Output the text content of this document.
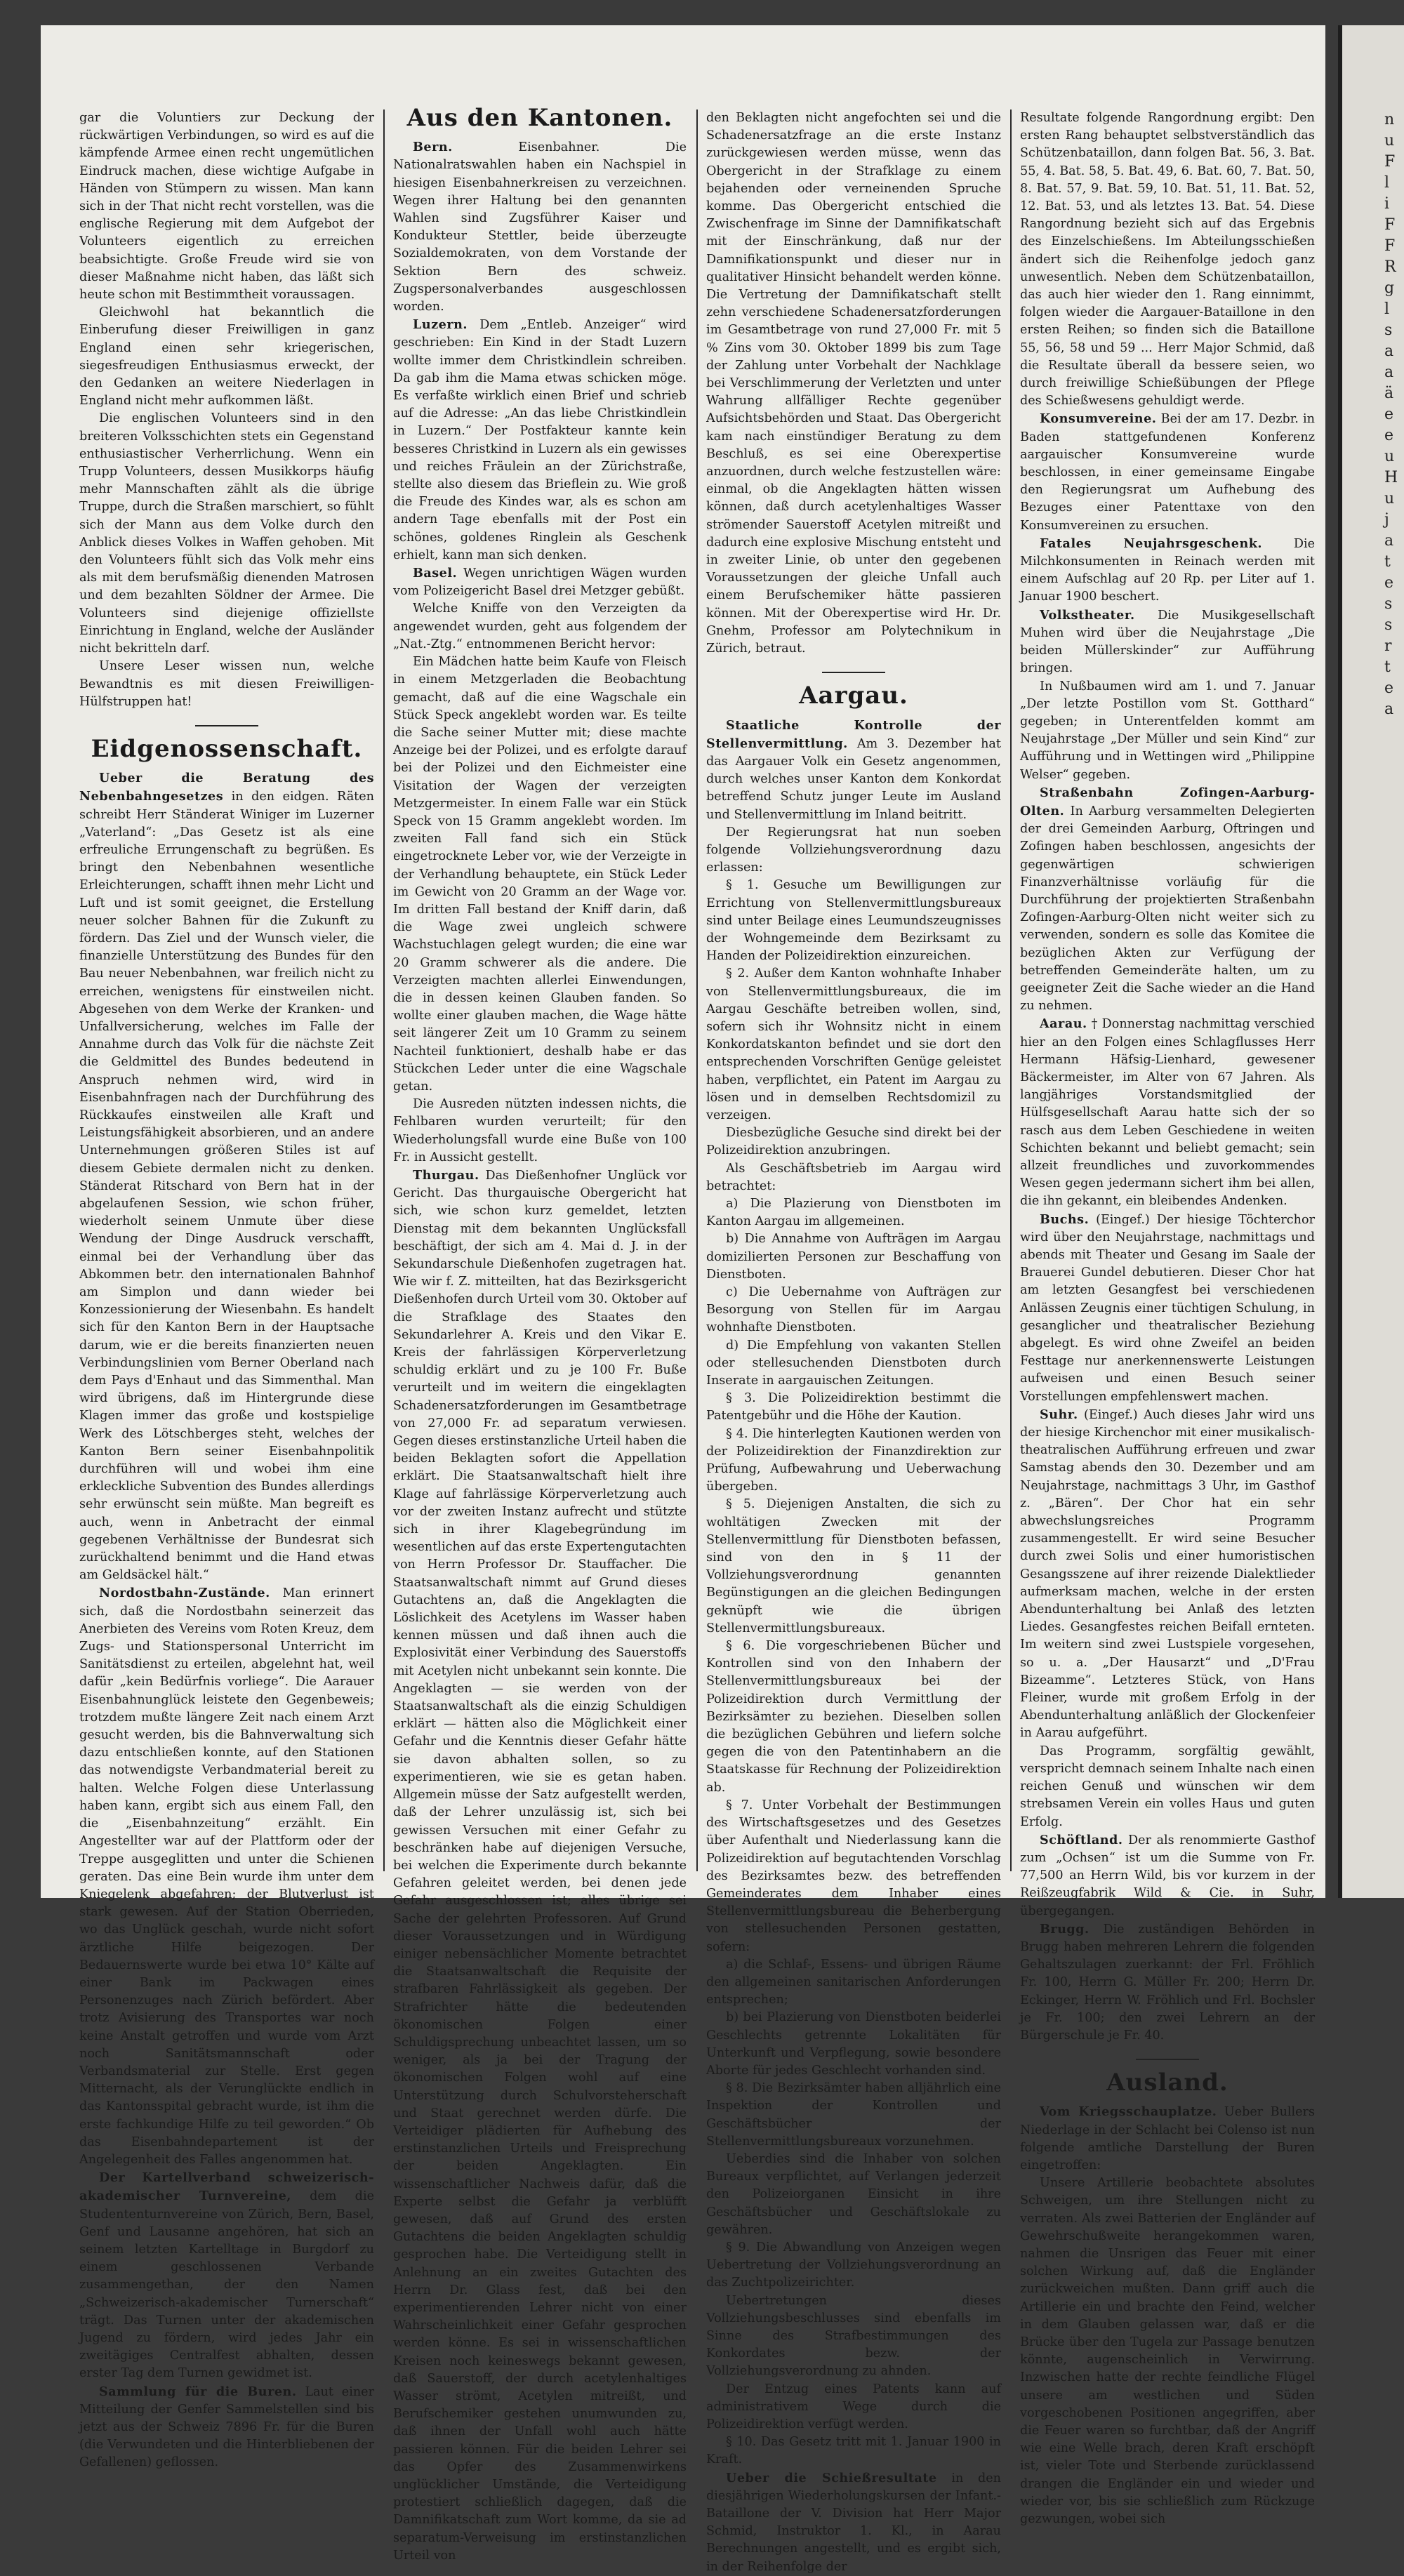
gar die Voluntiers zur Deckung der rückwärtigen Verbindungen, so wird es auf die kämpfende Armee einen recht ungemütlichen Eindruck machen, diese wichtige Aufgabe in Händen von Stümpern zu wissen. Man kann sich in der That nicht recht vorstellen, was die englische Regierung mit dem Aufgebot der Volunteers eigentlich zu erreichen beabsichtigte. Große Freude wird sie von dieser Maßnahme nicht haben, das läßt sich heute schon mit Bestimmtheit voraussagen.

Gleichwohl hat bekanntlich die Einberufung dieser Freiwilligen in ganz England einen sehr kriegerischen, siegesfreudigen Enthusiasmus erweckt, der den Gedanken an weitere Niederlagen in England nicht mehr aufkommen läßt.

Die englischen Volunteers sind in den breiteren Volksschichten stets ein Gegenstand enthusiastischer Verherrlichung. Wenn ein Trupp Volunteers, dessen Musikkorps häufig mehr Mannschaften zählt als die übrige Truppe, durch die Straßen marschiert, so fühlt sich der Mann aus dem Volke durch den Anblick dieses Volkes in Waffen gehoben. Mit den Volunteers fühlt sich das Volk mehr eins als mit dem berufsmäßig dienenden Matrosen und dem bezahlten Söldner der Armee. Die Volunteers sind diejenige offiziellste Einrichtung in England, welche der Ausländer nicht bekritteln darf.

Unsere Leser wissen nun, welche Bewandtnis es mit diesen Freiwilligen-Hülfstruppen hat!

Eidgenossenschaft.

Ueber die Beratung des Nebenbahngesetzes in den eidgen. Räten schreibt Herr Ständerat Winiger im Luzerner „Vaterland“: „Das Gesetz ist als eine erfreuliche Errungenschaft zu begrüßen. Es bringt den Nebenbahnen wesentliche Erleichterungen, schafft ihnen mehr Licht und Luft und ist somit geeignet, die Erstellung neuer solcher Bahnen für die Zukunft zu fördern. Das Ziel und der Wunsch vieler, die finanzielle Unterstützung des Bundes für den Bau neuer Nebenbahnen, war freilich nicht zu erreichen, wenigstens für einstweilen nicht. Abgesehen von dem Werke der Kranken- und Unfallversicherung, welches im Falle der Annahme durch das Volk für die nächste Zeit die Geldmittel des Bundes bedeutend in Anspruch nehmen wird, wird in Eisenbahnfragen nach der Durchführung des Rückkaufes einstweilen alle Kraft und Leistungsfähigkeit absorbieren, und an andere Unternehmungen größeren Stiles ist auf diesem Gebiete dermalen nicht zu denken. Ständerat Ritschard von Bern hat in der abgelaufenen Session, wie schon früher, wiederholt seinem Unmute über diese Wendung der Dinge Ausdruck verschafft, einmal bei der Verhandlung über das Abkommen betr. den internationalen Bahnhof am Simplon und dann wieder bei Konzessionierung der Wiesenbahn. Es handelt sich für den Kanton Bern in der Hauptsache darum, wie er die bereits finanzierten neuen Verbindungslinien vom Berner Oberland nach dem Pays d'Enhaut und das Simmenthal. Man wird übrigens, daß im Hintergrunde diese Klagen immer das große und kostspielige Werk des Lötschberges steht, welches der Kanton Bern seiner Eisenbahnpolitik durchführen will und wobei ihm eine erkleckliche Subvention des Bundes allerdings sehr erwünscht sein müßte. Man begreift es auch, wenn in Anbetracht der einmal gegebenen Verhältnisse der Bundesrat sich zurückhaltend benimmt und die Hand etwas am Geldsäckel hält.“

Nordostbahn-Zustände. Man erinnert sich, daß die Nordostbahn seinerzeit das Anerbieten des Vereins vom Roten Kreuz, dem Zugs- und Stationspersonal Unterricht im Sanitätsdienst zu erteilen, abgelehnt hat, weil dafür „kein Bedürfnis vorliege“. Die Aarauer Eisenbahnunglück leistete den Gegenbeweis; trotzdem mußte längere Zeit nach einem Arzt gesucht werden, bis die Bahnverwaltung sich dazu entschließen konnte, auf den Stationen das notwendigste Verbandmaterial bereit zu halten. Welche Folgen diese Unterlassung haben kann, ergibt sich aus einem Fall, den die „Eisenbahnzeitung“ erzählt. Ein Angestellter war auf der Plattform oder der Treppe ausgeglitten und unter die Schienen geraten. Das eine Bein wurde ihm unter dem Kniegelenk abgefahren; der Blutverlust ist stark gewesen. Auf der Station Oberrieden, wo das Unglück geschah, wurde nicht sofort ärztliche Hilfe beigezogen. Der Bedauernswerte wurde bei etwa 10° Kälte auf einer Bank im Packwagen eines Personenzuges nach Zürich befördert. Aber trotz Avisierung des Transportes war noch keine Anstalt getroffen und wurde vom Arzt noch Sanitätsmannschaft oder Verbandsmaterial zur Stelle. Erst gegen Mitternacht, als der Verunglückte endlich in das Kantonsspital gebracht wurde, ist ihm die erste fachkundige Hilfe zu teil geworden.“ Ob das Eisenbahndepartement ist der Angelegenheit des Falles angenommen hat.

Der Kartellverband schweizerisch-akademischer Turnvereine, dem die Studententurnvereine von Zürich, Bern, Basel, Genf und Lausanne angehören, hat sich an seinem letzten Kartelltage in Burgdorf zu einem geschlossenen Verbande zusammengethan, der den Namen „Schweizerisch-akademischer Turnerschaft“ trägt. Das Turnen unter der akademischen Jugend zu fördern, wird jedes Jahr ein zweitägiges Centralfest abhalten, dessen erster Tag dem Turnen gewidmet ist.

Sammlung für die Buren. Laut einer Mitteilung der Genfer Sammelstellen sind bis jetzt aus der Schweiz 7896 Fr. für die Buren (die Verwundeten und die Hinterbliebenen der Gefallenen) geflossen.

Aus den Kantonen.

Bern. Eisenbahner. Die Nationalratswahlen haben ein Nachspiel in hiesigen Eisenbahnerkreisen zu verzeichnen. Wegen ihrer Haltung bei den genannten Wahlen sind Zugsführer Kaiser und Kondukteur Stettler, beide überzeugte Sozialdemokraten, von dem Vorstande der Sektion Bern des schweiz. Zugspersonalverbandes ausgeschlossen worden.

Luzern. Dem „Entleb. Anzeiger“ wird geschrieben: Ein Kind in der Stadt Luzern wollte immer dem Christkindlein schreiben. Da gab ihm die Mama etwas schicken möge. Es verfaßte wirklich einen Brief und schrieb auf die Adresse: „An das liebe Christkindlein in Luzern.“ Der Postfakteur kannte kein besseres Christkind in Luzern als ein gewisses und reiches Fräulein an der Zürichstraße, stellte also diesem das Brieflein zu. Wie groß die Freude des Kindes war, als es schon am andern Tage ebenfalls mit der Post ein schönes, goldenes Ringlein als Geschenk erhielt, kann man sich denken.

Basel. Wegen unrichtigen Wägen wurden vom Polizeigericht Basel drei Metzger gebüßt.

Welche Kniffe von den Verzeigten da angewendet wurden, geht aus folgendem der „Nat.-Ztg.“ entnommenen Bericht hervor:

Ein Mädchen hatte beim Kaufe von Fleisch in einem Metzgerladen die Beobachtung gemacht, daß auf die eine Wagschale ein Stück Speck angeklebt worden war. Es teilte die Sache seiner Mutter mit; diese machte Anzeige bei der Polizei, und es erfolgte darauf bei der Polizei und den Eichmeister eine Visitation der Wagen der verzeigten Metzgermeister. In einem Falle war ein Stück Speck von 15 Gramm angeklebt worden. Im zweiten Fall fand sich ein Stück eingetrocknete Leber vor, wie der Verzeigte in der Verhandlung behauptete, ein Stück Leder im Gewicht von 20 Gramm an der Wage vor. Im dritten Fall bestand der Kniff darin, daß die Wage zwei ungleich schwere Wachstuchlagen gelegt wurden; die eine war 20 Gramm schwerer als die andere. Die Verzeigten machten allerlei Einwendungen, die in dessen keinen Glauben fanden. So wollte einer glauben machen, die Wage hätte seit längerer Zeit um 10 Gramm zu seinem Nachteil funktioniert, deshalb habe er das Stückchen Leder unter die eine Wagschale getan.

Die Ausreden nützten indessen nichts, die Fehlbaren wurden verurteilt; für den Wiederholungsfall wurde eine Buße von 100 Fr. in Aussicht gestellt.

Thurgau. Das Dießenhofner Unglück vor Gericht. Das thurgauische Obergericht hat sich, wie schon kurz gemeldet, letzten Dienstag mit dem bekannten Unglücksfall beschäftigt, der sich am 4. Mai d. J. in der Sekundarschule Dießenhofen zugetragen hat. Wie wir f. Z. mitteilten, hat das Bezirksgericht Dießenhofen durch Urteil vom 30. Oktober auf die Strafklage des Staates den Sekundarlehrer A. Kreis und den Vikar E. Kreis der fahrlässigen Körperverletzung schuldig erklärt und zu je 100 Fr. Buße verurteilt und im weitern die eingeklagten Schadenersatzforderungen im Gesamtbetrage von 27,000 Fr. ad separatum verwiesen. Gegen dieses erstinstanzliche Urteil haben die beiden Beklagten sofort die Appellation erklärt. Die Staatsanwaltschaft hielt ihre Klage auf fahrlässige Körperverletzung auch vor der zweiten Instanz aufrecht und stützte sich in ihrer Klagebegründung im wesentlichen auf das erste Expertengutachten von Herrn Professor Dr. Stauffacher. Die Staatsanwaltschaft nimmt auf Grund dieses Gutachtens an, daß die Angeklagten die Löslichkeit des Acetylens im Wasser haben kennen müssen und daß ihnen auch die Explosivität einer Verbindung des Sauerstoffs mit Acetylen nicht unbekannt sein konnte. Die Angeklagten — sie werden von der Staatsanwaltschaft als die einzig Schuldigen erklärt — hätten also die Möglichkeit einer Gefahr und die Kenntnis dieser Gefahr hätte sie davon abhalten sollen, so zu experimentieren, wie sie es getan haben. Allgemein müsse der Satz aufgestellt werden, daß der Lehrer unzulässig ist, sich bei gewissen Versuchen mit einer Gefahr zu beschränken habe auf diejenigen Versuche, bei welchen die Experimente durch bekannte Gefahren geleitet werden, bei denen jede Gefahr ausgeschlossen ist; alles übrige sei Sache der gelehrten Professoren. Auf Grund dieser Voraussetzungen und in Würdigung einiger nebensächlicher Momente betrachtet die Staatsanwaltschaft die Requisite der strafbaren Fahrlässigkeit als gegeben. Der Strafrichter hätte die bedeutenden ökonomischen Folgen einer Schuldigsprechung unbeachtet lassen, um so weniger, als ja bei der Tragung der ökonomischen Folgen wohl auf eine Unterstützung durch Schulvorsteherschaft und Staat gerechnet werden dürfe. Die Verteidiger plädierten für Aufhebung des erstinstanzlichen Urteils und Freisprechung der beiden Angeklagten. Ein wissenschaftlicher Nachweis dafür, daß die Experte selbst die Gefahr ja verblüfft gewesen, daß auf Grund des ersten Gutachtens die beiden Angeklagten schuldig gesprochen habe. Die Verteidigung stellt in Anlehnung an ein zweites Gutachten des Herrn Dr. Glass fest, daß bei den experimentierenden Lehrer nicht von einer Wahrscheinlichkeit einer Gefahr gesprochen werden könne. Es sei in wissenschaftlichen Kreisen noch keineswegs bekannt gewesen, daß Sauerstoff, der durch acetylenhaltiges Wasser strömt, Acetylen mitreißt, und Berufschemiker gestehen unumwunden zu, daß ihnen der Unfall wohl auch hätte passieren können. Für die beiden Lehrer sei das Opfer des Zusammenwirkens unglücklicher Umstände, die Verteidigung protestiert schließlich dagegen, daß die Damnifikatschaft zum Wort komme, da sie ad separatum-Verweisung im erstinstanzlichen Urteil von

den Beklagten nicht angefochten sei und die Schadenersatzfrage an die erste Instanz zurückgewiesen werden müsse, wenn das Obergericht in der Strafklage zu einem bejahenden oder verneinenden Spruche komme. Das Obergericht entschied die Zwischenfrage im Sinne der Damnifikatschaft mit der Einschränkung, daß nur der Damnifikationspunkt und dieser nur in qualitativer Hinsicht behandelt werden könne. Die Vertretung der Damnifikatschaft stellt zehn verschiedene Schadenersatzforderungen im Gesamtbetrage von rund 27,000 Fr. mit 5 % Zins vom 30. Oktober 1899 bis zum Tage der Zahlung unter Vorbehalt der Nachklage bei Verschlimmerung der Verletzten und unter Wahrung allfälliger Rechte gegenüber Aufsichtsbehörden und Staat. Das Obergericht kam nach einstündiger Beratung zu dem Beschluß, es sei eine Oberexpertise anzuordnen, durch welche festzustellen wäre: einmal, ob die Angeklagten hätten wissen können, daß durch acetylenhaltiges Wasser strömender Sauerstoff Acetylen mitreißt und dadurch eine explosive Mischung entsteht und in zweiter Linie, ob unter den gegebenen Voraussetzungen der gleiche Unfall auch einem Berufschemiker hätte passieren können. Mit der Oberexpertise wird Hr. Dr. Gnehm, Professor am Polytechnikum in Zürich, betraut.

Aargau.

Staatliche Kontrolle der Stellenvermittlung. Am 3. Dezember hat das Aargauer Volk ein Gesetz angenommen, durch welches unser Kanton dem Konkordat betreffend Schutz junger Leute im Ausland und Stellenvermittlung im Inland beitritt.

Der Regierungsrat hat nun soeben folgende Vollziehungsverordnung dazu erlassen:

§ 1. Gesuche um Bewilligungen zur Errichtung von Stellenvermittlungsbureaux sind unter Beilage eines Leumundszeugnisses der Wohngemeinde dem Bezirksamt zu Handen der Polizeidirektion einzureichen.

§ 2. Außer dem Kanton wohnhafte Inhaber von Stellenvermittlungsbureaux, die im Aargau Geschäfte betreiben wollen, sind, sofern sich ihr Wohnsitz nicht in einem Konkordatskanton befindet und sie dort den entsprechenden Vorschriften Genüge geleistet haben, verpflichtet, ein Patent im Aargau zu lösen und in demselben Rechtsdomizil zu verzeigen.

Diesbezügliche Gesuche sind direkt bei der Polizeidirektion anzubringen.

Als Geschäftsbetrieb im Aargau wird betrachtet:

a) Die Plazierung von Dienstboten im Kanton Aargau im allgemeinen.

b) Die Annahme von Aufträgen im Aargau domizilierten Personen zur Beschaffung von Dienstboten.

c) Die Uebernahme von Aufträgen zur Besorgung von Stellen für im Aargau wohnhafte Dienstboten.

d) Die Empfehlung von vakanten Stellen oder stellesuchenden Dienstboten durch Inserate in aargauischen Zeitungen.

§ 3. Die Polizeidirektion bestimmt die Patentgebühr und die Höhe der Kaution.

§ 4. Die hinterlegten Kautionen werden von der Polizeidirektion der Finanzdirektion zur Prüfung, Aufbewahrung und Ueberwachung übergeben.

§ 5. Diejenigen Anstalten, die sich zu wohltätigen Zwecken mit der Stellenvermittlung für Dienstboten befassen, sind von den in § 11 der Vollziehungsverordnung genannten Begünstigungen an die gleichen Bedingungen geknüpft wie die übrigen Stellenvermittlungsbureaux.

§ 6. Die vorgeschriebenen Bücher und Kontrollen sind von den Inhabern der Stellenvermittlungsbureaux bei der Polizeidirektion durch Vermittlung der Bezirksämter zu beziehen. Dieselben sollen die bezüglichen Gebühren und liefern solche gegen die von den Patentinhabern an die Staatskasse für Rechnung der Polizeidirektion ab.

§ 7. Unter Vorbehalt der Bestimmungen des Wirtschaftsgesetzes und des Gesetzes über Aufenthalt und Niederlassung kann die Polizeidirektion auf begutachtenden Vorschlag des Bezirksamtes bezw. des betreffenden Gemeinderates dem Inhaber eines Stellenvermittlungsbureau die Beherbergung von stellesuchenden Personen gestatten, sofern:

a) die Schlaf-, Essens- und übrigen Räume den allgemeinen sanitarischen Anforderungen entsprechen;

b) bei Plazierung von Dienstboten beiderlei Geschlechts getrennte Lokalitäten für Unterkunft und Verpflegung, sowie besondere Aborte für jedes Geschlecht vorhanden sind.

§ 8. Die Bezirksämter haben alljährlich eine Inspektion der Kontrollen und Geschäftsbücher der Stellenvermittlungsbureaux vorzunehmen.

Ueberdies sind die Inhaber von solchen Bureaux verpflichtet, auf Verlangen jederzeit den Polizeiorganen Einsicht in ihre Geschäftsbücher und Geschäftslokale zu gewähren.

§ 9. Die Abwandlung von Anzeigen wegen Uebertretung der Vollziehungsverordnung an das Zuchtpolizeirichter.

Uebertretungen dieses Vollziehungsbeschlusses sind ebenfalls im Sinne des Strafbestimmungen des Konkordates bezw. der Vollziehungsverordnung zu ahnden.

Der Entzug eines Patents kann auf administrativem Wege durch die Polizeidirektion verfügt werden.

§ 10. Das Gesetz tritt mit 1. Januar 1900 in Kraft.

Ueber die Schießresultate in den diesjährigen Wiederholungskursen der Infant.-Bataillone der V. Division hat Herr Major Schmid, Instruktor 1. Kl., in Aarau Berechnungen angestellt, und es ergibt sich, in der Reihenfolge der

Resultate folgende Rangordnung ergibt: Den ersten Rang behauptet selbstverständlich das Schützenbataillon, dann folgen Bat. 56, 3. Bat. 55, 4. Bat. 58, 5. Bat. 49, 6. Bat. 60, 7. Bat. 50, 8. Bat. 57, 9. Bat. 59, 10. Bat. 51, 11. Bat. 52, 12. Bat. 53, und als letztes 13. Bat. 54. Diese Rangordnung bezieht sich auf das Ergebnis des Einzelschießens. Im Abteilungsschießen ändert sich die Reihenfolge jedoch ganz unwesentlich. Neben dem Schützenbataillon, das auch hier wieder den 1. Rang einnimmt, folgen wieder die Aargauer-Bataillone in den ersten Reihen; so finden sich die Bataillone 55, 56, 58 und 59 ... Herr Major Schmid, daß die Resultate überall da bessere seien, wo durch freiwillige Schießübungen der Pflege des Schießwesens gehuldigt werde.

Konsumvereine. Bei der am 17. Dezbr. in Baden stattgefundenen Konferenz aargauischer Konsumvereine wurde beschlossen, in einer gemeinsame Eingabe den Regierungsrat um Aufhebung des Bezuges einer Patenttaxe von den Konsumvereinen zu ersuchen.

Fatales Neujahrsgeschenk. Die Milchkonsumenten in Reinach werden mit einem Aufschlag auf 20 Rp. per Liter auf 1. Januar 1900 beschert.

Volkstheater. Die Musikgesellschaft Muhen wird über die Neujahrstage „Die beiden Müllerskinder“ zur Aufführung bringen.

In Nußbaumen wird am 1. und 7. Januar „Der letzte Postillon vom St. Gotthard“ gegeben; in Unterentfelden kommt am Neujahrstage „Der Müller und sein Kind“ zur Aufführung und in Wettingen wird „Philippine Welser“ gegeben.

Straßenbahn Zofingen-Aarburg-Olten. In Aarburg versammelten Delegierten der drei Gemeinden Aarburg, Oftringen und Zofingen haben beschlossen, angesichts der gegenwärtigen schwierigen Finanzverhältnisse vorläufig für die Durchführung der projektierten Straßenbahn Zofingen-Aarburg-Olten nicht weiter sich zu verwenden, sondern es solle das Komitee die bezüglichen Akten zur Verfügung der betreffenden Gemeinderäte halten, um zu geeigneter Zeit die Sache wieder an die Hand zu nehmen.

Aarau. † Donnerstag nachmittag verschied hier an den Folgen eines Schlagflusses Herr Hermann Häfsig-Lienhard, gewesener Bäckermeister, im Alter von 67 Jahren. Als langjähriges Vorstandsmitglied der Hülfsgesellschaft Aarau hatte sich der so rasch aus dem Leben Geschiedene in weiten Schichten bekannt und beliebt gemacht; sein allzeit freundliches und zuvorkommendes Wesen gegen jedermann sichert ihm bei allen, die ihn gekannt, ein bleibendes Andenken.

Buchs. (Eingef.) Der hiesige Töchterchor wird über den Neujahrstage, nachmittags und abends mit Theater und Gesang im Saale der Brauerei Gundel debutieren. Dieser Chor hat am letzten Gesangfest bei verschiedenen Anlässen Zeugnis einer tüchtigen Schulung, in gesanglicher und theatralischer Beziehung abgelegt. Es wird ohne Zweifel an beiden Festtage nur anerkennenswerte Leistungen aufweisen und einen Besuch seiner Vorstellungen empfehlenswert machen.

Suhr. (Eingef.) Auch dieses Jahr wird uns der hiesige Kirchenchor mit einer musikalisch-theatralischen Aufführung erfreuen und zwar Samstag abends den 30. Dezember und am Neujahrstage, nachmittags 3 Uhr, im Gasthof z. „Bären“. Der Chor hat ein sehr abwechslungsreiches Programm zusammengestellt. Er wird seine Besucher durch zwei Solis und einer humoristischen Gesangsszene auf ihrer reizende Dialektlieder aufmerksam machen, welche in der ersten Abendunterhaltung bei Anlaß des letzten Liedes. Gesangfestes reichen Beifall ernteten. Im weitern sind zwei Lustspiele vorgesehen, so u. a. „Der Hausarzt“ und „D'Frau Bizeamme“. Letzteres Stück, von Hans Fleiner, wurde mit großem Erfolg in der Abendunterhaltung anläßlich der Glockenfeier in Aarau aufgeführt.

Das Programm, sorgfältig gewählt, verspricht demnach seinem Inhalte nach einen reichen Genuß und wünschen wir dem strebsamen Verein ein volles Haus und guten Erfolg.

Schöftland. Der als renommierte Gasthof zum „Ochsen“ ist um die Summe von Fr. 77,500 an Herrn Wild, bis vor kurzem in der Reißzeugfabrik Wild & Cie. in Suhr, übergegangen.

Brugg. Die zuständigen Behörden in Brugg haben mehreren Lehrern die folgenden Gehaltszulagen zuerkannt: der Frl. Fröhlich Fr. 100, Herrn G. Müller Fr. 200; Herrn Dr. Eckinger, Herrn W. Fröhlich und Frl. Bochsler je Fr. 100; den zwei Lehrern an der Bürgerschule je Fr. 40.

Ausland.

Vom Kriegsschauplatze. Ueber Bullers Niederlage in der Schlacht bei Colenso ist nun folgende amtliche Darstellung der Buren eingetroffen:

Unsere Artillerie beobachtete absolutes Schweigen, um ihre Stellungen nicht zu verraten. Als zwei Batterien der Engländer auf Gewehrschußweite herangekommen waren, nahmen die Unsrigen das Feuer mit einer solchen Wirkung auf, daß die Engländer zurückweichen mußten. Dann griff auch die Artillerie ein und brachte den Feind, welcher in dem Glauben gelassen war, daß er die Brücke über den Tugela zur Passage benutzen könnte, augenscheinlich in Verwirrung. Inzwischen hatte der rechte feindliche Flügel unsere am westlichen und Süden vorgeschobenen Positionen angegriffen, aber die Feuer waren so furchtbar, daß der Angriff wie eine Welle brach, deren Kraft erschöpft ist, vieler Tote und Sterbende zurücklassend drangen die Engländer ein und wieder und wieder vor, bis sie schließlich zum Rückzuge gezwungen, wobei sich

n
u
F
l
i
F
F
R
g
l
s
a
a
ä
e
e
u
H
u
j
a
t
e
s
s
r
t
e
a
